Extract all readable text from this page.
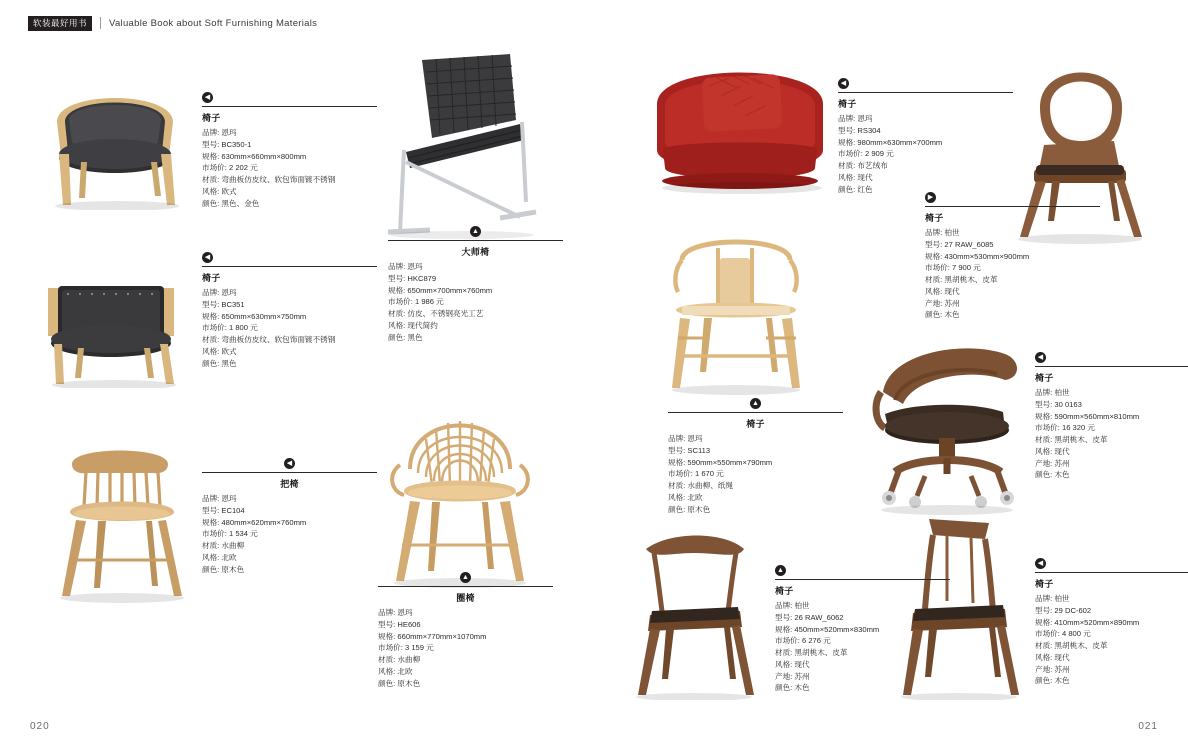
软装最好用书	Valuable Book about Soft Furnishing Materials
020	021
◀
椅子
品牌: 恩玛
型号: BC350-1
规格: 630mm×660mm×800mm
市场价: 2 202 元
材质: 弯曲板仿皮纹、软包饰面镀不锈钢
风格: 欧式
颜色: 黑色、金色
◀
椅子
品牌: 恩玛
型号: BC351
规格: 650mm×630mm×750mm
市场价: 1 800 元
材质: 弯曲板仿皮纹、软包饰面镀不锈钢
风格: 欧式
颜色: 黑色
◀
把椅
品牌: 恩玛
型号: EC104
规格: 480mm×620mm×760mm
市场价: 1 534 元
材质: 水曲柳
风格: 北欧
颜色: 原木色
▲
大师椅
品牌: 恩玛
型号: HKC879
规格: 650mm×700mm×760mm
市场价: 1 986 元
材质: 仿皮、不锈钢亮光工艺
风格: 现代简约
颜色: 黑色
▲
圈椅
品牌: 恩玛
型号: HE606
规格: 660mm×770mm×1070mm
市场价: 3 159 元
材质: 水曲柳
风格: 北欧
颜色: 原木色
◀
椅子
品牌: 恩玛
型号: RS304
规格: 980mm×630mm×700mm
市场价: 2 909 元
材质: 布艺绒布
风格: 现代
颜色: 红色
▲
椅子
品牌: 恩玛
型号: SC113
规格: 590mm×550mm×790mm
市场价: 1 670 元
材质: 水曲柳、纸绳
风格: 北欧
颜色: 原木色
▶
椅子
品牌: 柏世
型号: 27 RAW_6085
规格: 430mm×530mm×900mm
市场价: 7 900 元
材质: 黑胡桃木、皮革
风格: 现代
产地: 苏州
颜色: 木色
◀
椅子
品牌: 柏世
型号: 30 0163
规格: 590mm×560mm×810mm
市场价: 16 320 元
材质: 黑胡桃木、皮革
风格: 现代
产地: 苏州
颜色: 木色
▲
椅子
品牌: 柏世
型号: 26 RAW_6062
规格: 450mm×520mm×830mm
市场价: 6 276 元
材质: 黑胡桃木、皮革
风格: 现代
产地: 苏州
颜色: 木色
◀
椅子
品牌: 柏世
型号: 29 DC-602
规格: 410mm×520mm×890mm
市场价: 4 800 元
材质: 黑胡桃木、皮革
风格: 现代
产地: 苏州
颜色: 木色
